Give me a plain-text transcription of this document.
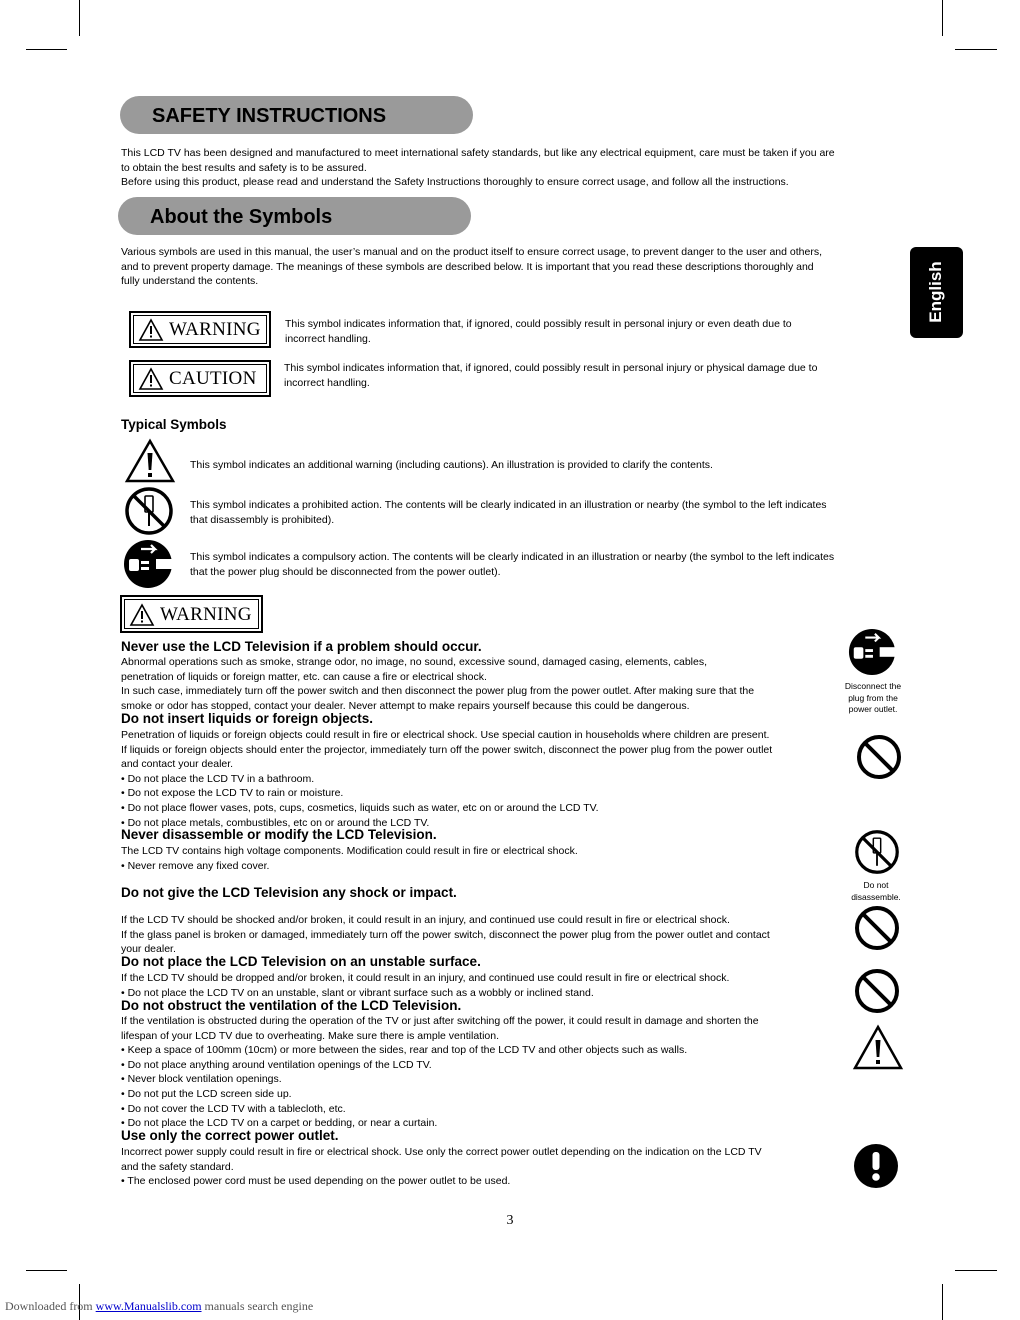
SAFETY INSTRUCTIONS
This LCD TV has been designed and manufactured to meet international safety standards, but like any electrical equipment, care must be taken if you are
to obtain the best results and safety is to be assured.
Before using this product, please read and understand the Safety Instructions thoroughly to ensure correct usage, and follow all the instructions.
About the Symbols
Various symbols are used in this manual, the user’s manual and on the product itself to ensure correct usage, to prevent danger to the user and others,
and to prevent property damage. The meanings of these symbols are described below. It is important that you read these descriptions thoroughly and
fully understand the contents.	English
WARNING This symbol indicates information that, if ignored, could possibly result in personal injury or even death due to
incorrect handling.
CAUTION	This symbol indicates information that, if ignored, could possibly result in personal injury or physical damage due to
incorrect handling.
Typical Symbols
This symbol indicates an additional warning (including cautions). An illustration is provided to clarify the contents.
This symbol indicates a prohibited action. The contents will be clearly indicated in an illustration or nearby (the symbol to the left indicates
that disassembly is prohibited).
This symbol indicates a compulsory action. The contents will be clearly indicated in an illustration or nearby (the symbol to the left indicates
that the power plug should be disconnected from the power outlet).
WARNING
Never use the LCD Television if a problem should occur.
Abnormal operations such as smoke, strange odor, no image, no sound, excessive sound, damaged casing, elements, cables,
penetration of liquids or foreign matter, etc. can cause a fire or electrical shock.
In such case, immediately turn off the power switch and then disconnect the power plug from the power outlet. After making sure that the
smoke or odor has stopped, contact your dealer. Never attempt to make repairs yourself because this could be dangerous.
Do not insert liquids or foreign objects.
Penetration of liquids or foreign objects could result in fire or electrical shock. Use special caution in households where children are present.
If liquids or foreign objects should enter the projector, immediately turn off the power switch, disconnect the power plug from the power outlet
and contact your dealer.
• Do not place the LCD TV in a bathroom.
• Do not expose the LCD TV to rain or moisture.
• Do not place flower vases, pots, cups, cosmetics, liquids such as water, etc on or around the LCD TV.
• Do not place metals, combustibles, etc on or around the LCD TV.
Never disassemble or modify the LCD Television.
The LCD TV contains high voltage components. Modification could result in fire or electrical shock.
• Never remove any fixed cover.
Do not give the LCD Television any shock or impact.
If the LCD TV should be shocked and/or broken, it could result in an injury, and continued use could result in fire or electrical shock.
If the glass panel is broken or damaged, immediately turn off the power switch, disconnect the power plug from the power outlet and contact
your dealer.
Do not place the LCD Television on an unstable surface.
If the LCD TV should be dropped and/or broken, it could result in an injury, and continued use could result in fire or electrical shock.
• Do not place the LCD TV on an unstable, slant or vibrant surface such as a wobbly or inclined stand.
Do not obstruct the ventilation of the LCD Television.
If the ventilation is obstructed during the operation of the TV or just after switching off the power, it could result in damage and shorten the
lifespan of your LCD TV due to overheating. Make sure there is ample ventilation.
• Keep a space of 100mm (10cm) or more between the sides, rear and top of the LCD TV and other objects such as walls.
• Do not place anything around ventilation openings of the LCD TV.
• Never block ventilation openings.
• Do not put the LCD screen side up.
• Do not cover the LCD TV with a tablecloth, etc.
• Do not place the LCD TV on a carpet or bedding, or near a curtain.
Use only the correct power outlet.
Incorrect power supply could result in fire or electrical shock. Use only the correct power outlet depending on the indication on the LCD TV
and the safety standard.
• The enclosed power cord must be used depending on the power outlet to be used.
Disconnect the
plug from the
power outlet.
Do not
disassemble.
3
Downloaded from www.Manualslib.com manuals search engine
